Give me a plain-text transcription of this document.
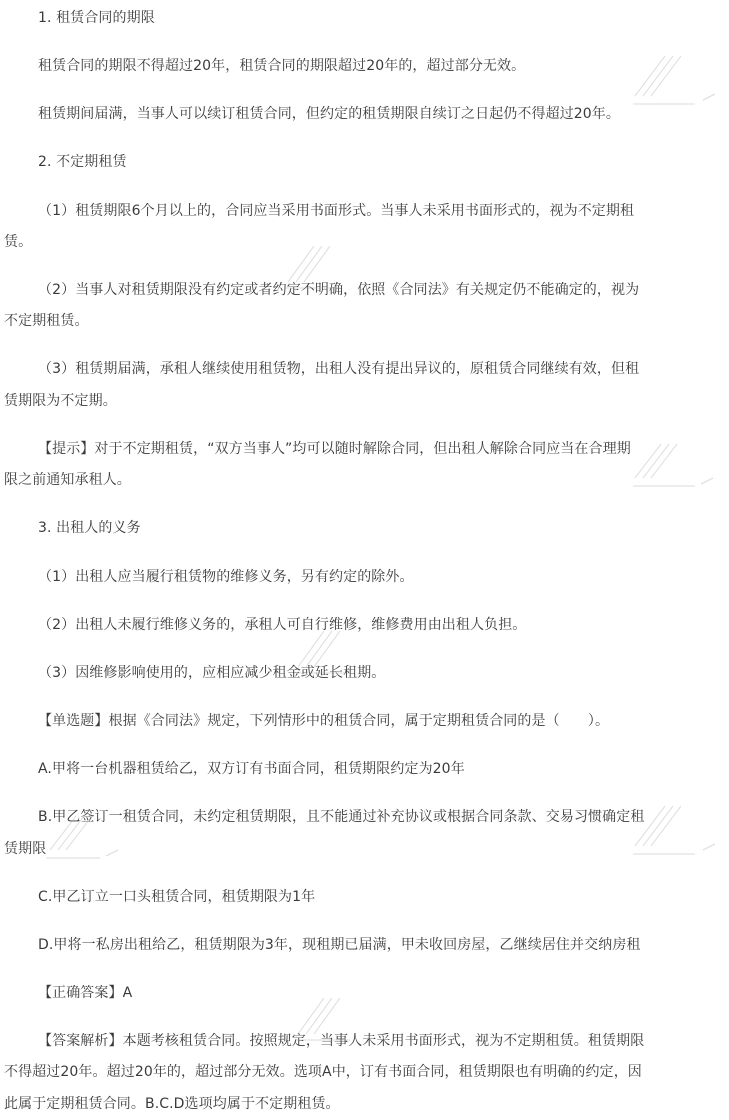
1. 租赁合同的期限
租赁合同的期限不得超过20年，租赁合同的期限超过20年的，超过部分无效。
租赁期间届满，当事人可以续订租赁合同，但约定的租赁期限自续订之日起仍不得超过20年。
2. 不定期租赁
（1）租赁期限6个月以上的，合同应当采用书面形式。当事人未采用书面形式的，视为不定期租
赁。
（2）当事人对租赁期限没有约定或者约定不明确，依照《合同法》有关规定仍不能确定的，视为
不定期租赁。
（3）租赁期届满，承租人继续使用租赁物，出租人没有提出异议的，原租赁合同继续有效，但租
赁期限为不定期。
【提示】对于不定期租赁，“双方当事人”均可以随时解除合同，但出租人解除合同应当在合理期
限之前通知承租人。
3. 出租人的义务
（1）出租人应当履行租赁物的维修义务，另有约定的除外。
（2）出租人未履行维修义务的，承租人可自行维修，维修费用由出租人负担。
（3）因维修影响使用的，应相应减少租金或延长租期。
【单选题】根据《合同法》规定，下列情形中的租赁合同，属于定期租赁合同的是（　　）。
A.甲将一台机器租赁给乙，双方订有书面合同，租赁期限约定为20年
B.甲乙签订一租赁合同，未约定租赁期限，且不能通过补充协议或根据合同条款、交易习惯确定租
赁期限
C.甲乙订立一口头租赁合同，租赁期限为1年
D.甲将一私房出租给乙，租赁期限为3年，现租期已届满，甲未收回房屋，乙继续居住并交纳房租
【正确答案】A
【答案解析】本题考核租赁合同。按照规定，当事人未采用书面形式，视为不定期租赁。租赁期限
不得超过20年。超过20年的，超过部分无效。选项A中，订有书面合同，租赁期限也有明确的约定，因
此属于定期租赁合同。B.C.D选项均属于不定期租赁。
